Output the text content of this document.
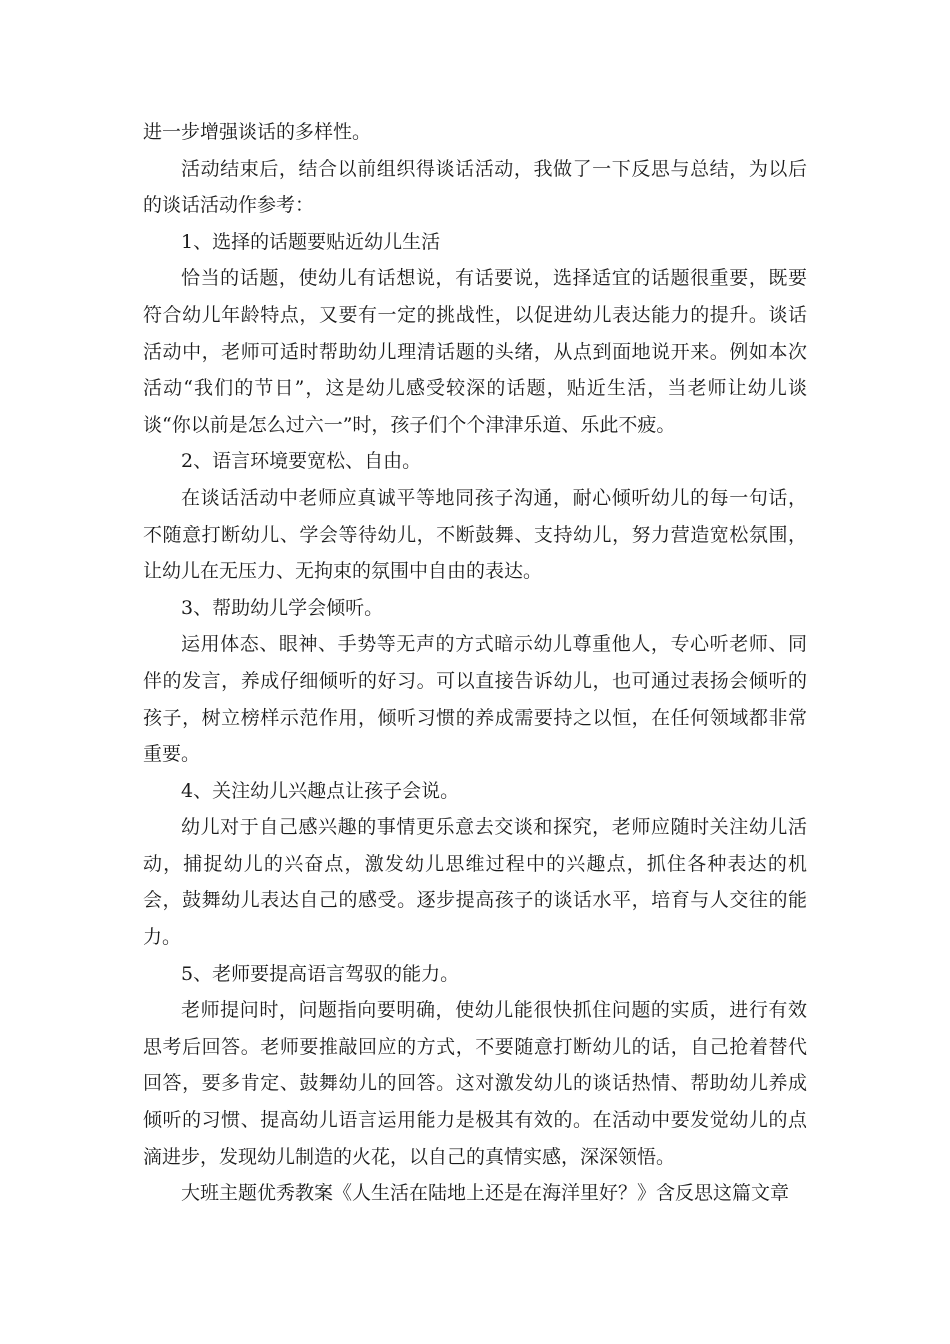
进一步增强谈话的多样性。

活动结束后，结合以前组织得谈话活动，我做了一下反思与总结，为以后的谈话活动作参考：

1、选择的话题要贴近幼儿生活

恰当的话题，使幼儿有话想说，有话要说，选择适宜的话题很重要，既要符合幼儿年龄特点，又要有一定的挑战性，以促进幼儿表达能力的提升。谈话活动中，老师可适时帮助幼儿理清话题的头绪，从点到面地说开来。例如本次活动“我们的节日”，这是幼儿感受较深的话题，贴近生活，当老师让幼儿谈谈“你以前是怎么过六一”时，孩子们个个津津乐道、乐此不疲。

2、语言环境要宽松、自由。

在谈话活动中老师应真诚平等地同孩子沟通，耐心倾听幼儿的每一句话，不随意打断幼儿、学会等待幼儿，不断鼓舞、支持幼儿，努力营造宽松氛围，让幼儿在无压力、无拘束的氛围中自由的表达。

3、帮助幼儿学会倾听。

运用体态、眼神、手势等无声的方式暗示幼儿尊重他人，专心听老师、同伴的发言，养成仔细倾听的好习。可以直接告诉幼儿，也可通过表扬会倾听的孩子，树立榜样示范作用，倾听习惯的养成需要持之以恒，在任何领域都非常重要。

4、关注幼儿兴趣点让孩子会说。

幼儿对于自己感兴趣的事情更乐意去交谈和探究，老师应随时关注幼儿活动，捕捉幼儿的兴奋点，激发幼儿思维过程中的兴趣点，抓住各种表达的机会，鼓舞幼儿表达自己的感受。逐步提高孩子的谈话水平，培育与人交往的能力。

5、老师要提高语言驾驭的能力。

老师提问时，问题指向要明确，使幼儿能很快抓住问题的实质，进行有效思考后回答。老师要推敲回应的方式，不要随意打断幼儿的话，自己抢着替代回答，要多肯定、鼓舞幼儿的回答。这对激发幼儿的谈话热情、帮助幼儿养成倾听的习惯、提高幼儿语言运用能力是极其有效的。在活动中要发觉幼儿的点滴进步，发现幼儿制造的火花，以自己的真情实感，深深领悟。

大班主题优秀教案《人生活在陆地上还是在海洋里好？》含反思这篇文章
